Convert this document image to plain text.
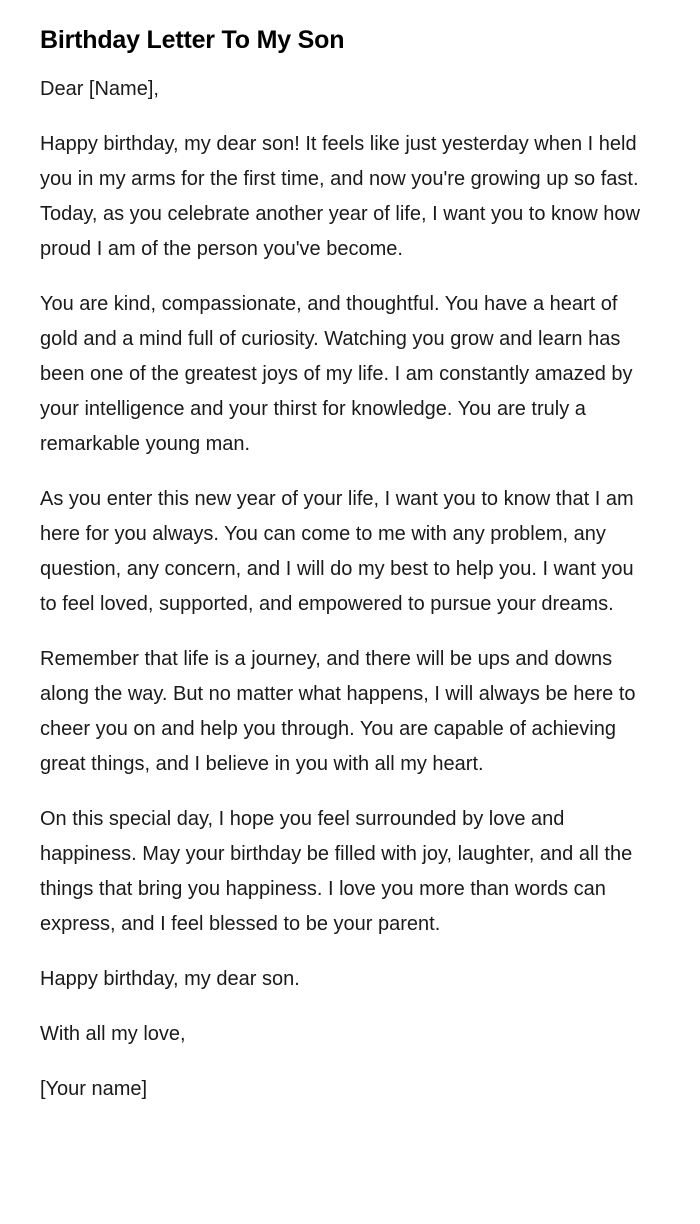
Birthday Letter To My Son

Dear [Name],

Happy birthday, my dear son! It feels like just yesterday when I held you in my arms for the first time, and now you're growing up so fast. Today, as you celebrate another year of life, I want you to know how proud I am of the person you've become.

You are kind, compassionate, and thoughtful. You have a heart of gold and a mind full of curiosity. Watching you grow and learn has been one of the greatest joys of my life. I am constantly amazed by your intelligence and your thirst for knowledge. You are truly a remarkable young man.

As you enter this new year of your life, I want you to know that I am here for you always. You can come to me with any problem, any question, any concern, and I will do my best to help you. I want you to feel loved, supported, and empowered to pursue your dreams.

Remember that life is a journey, and there will be ups and downs along the way. But no matter what happens, I will always be here to cheer you on and help you through. You are capable of achieving great things, and I believe in you with all my heart.

On this special day, I hope you feel surrounded by love and happiness. May your birthday be filled with joy, laughter, and all the things that bring you happiness. I love you more than words can express, and I feel blessed to be your parent.

Happy birthday, my dear son.

With all my love,

[Your name]
